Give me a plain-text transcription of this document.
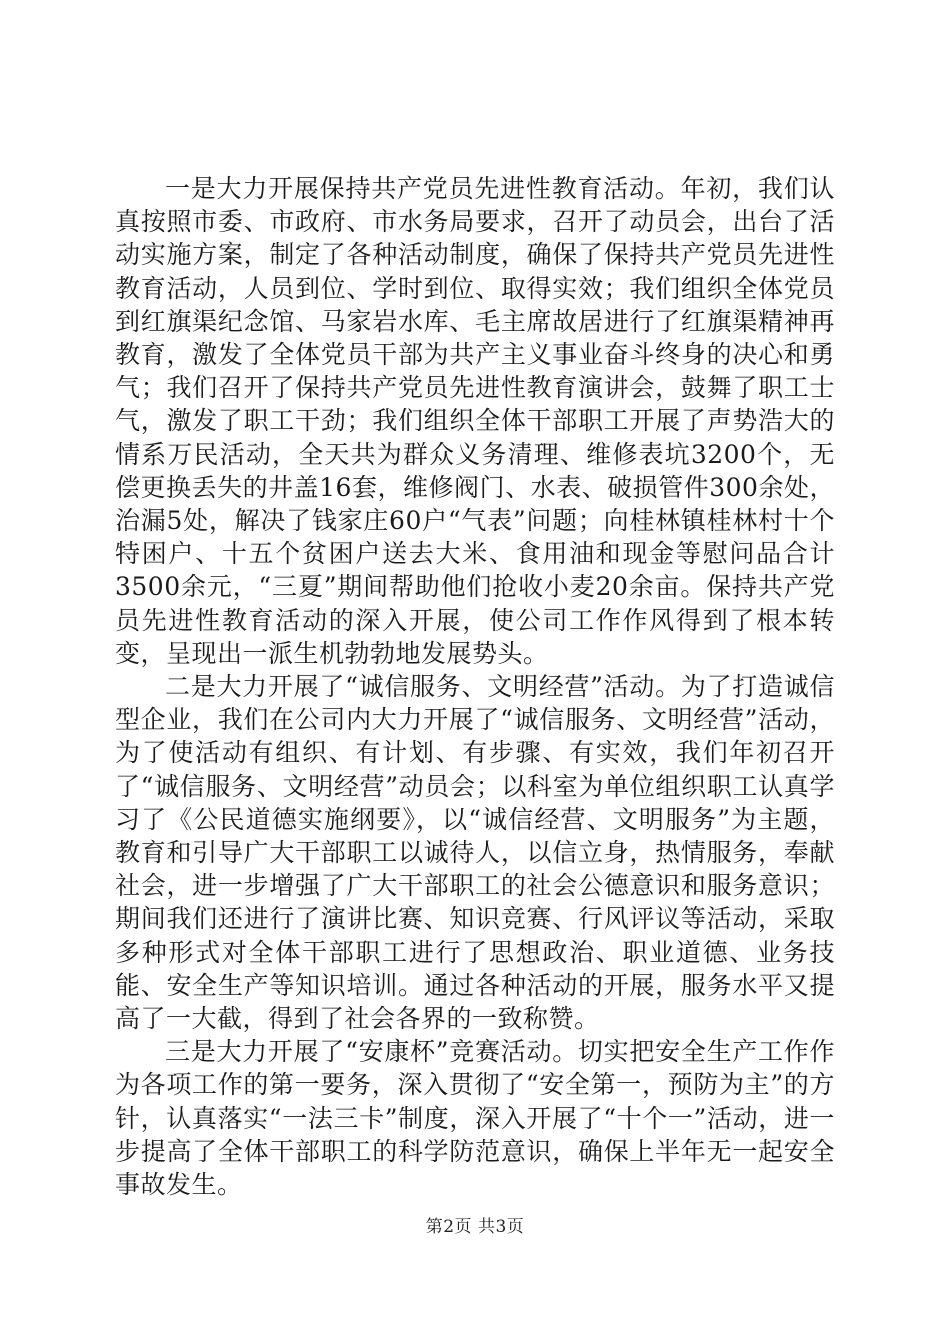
一是大力开展保持共产党员先进性教育活动。年初，我们认真按照市委、市政府、市水务局要求，召开了动员会，出台了活动实施方案，制定了各种活动制度，确保了保持共产党员先进性教育活动，人员到位、学时到位、取得实效；我们组织全体党员到红旗渠纪念馆、马家岩水库、毛主席故居进行了红旗渠精神再教育，激发了全体党员干部为共产主义事业奋斗终身的决心和勇气；我们召开了保持共产党员先进性教育演讲会，鼓舞了职工士气，激发了职工干劲；我们组织全体干部职工开展了声势浩大的情系万民活动，全天共为群众义务清理、维修表坑3200个，无偿更换丢失的井盖16套，维修阀门、水表、破损管件300余处，治漏5处，解决了钱家庄60户“气表”问题；向桂林镇桂林村十个特困户、十五个贫困户送去大米、食用油和现金等慰问品合计3500余元，“三夏”期间帮助他们抢收小麦20余亩。保持共产党员先进性教育活动的深入开展，使公司工作作风得到了根本转变，呈现出一派生机勃勃地发展势头。

二是大力开展了“诚信服务、文明经营”活动。为了打造诚信型企业，我们在公司内大力开展了“诚信服务、文明经营”活动，为了使活动有组织、有计划、有步骤、有实效，我们年初召开了“诚信服务、文明经营”动员会；以科室为单位组织职工认真学习了《公民道德实施纲要》，以“诚信经营、文明服务”为主题，教育和引导广大干部职工以诚待人，以信立身，热情服务，奉献社会，进一步增强了广大干部职工的社会公德意识和服务意识；期间我们还进行了演讲比赛、知识竞赛、行风评议等活动，采取多种形式对全体干部职工进行了思想政治、职业道德、业务技能、安全生产等知识培训。通过各种活动的开展，服务水平又提高了一大截，得到了社会各界的一致称赞。

三是大力开展了“安康杯”竞赛活动。切实把安全生产工作作为各项工作的第一要务，深入贯彻了“安全第一，预防为主”的方针，认真落实“一法三卡”制度，深入开展了“十个一”活动，进一步提高了全体干部职工的科学防范意识，确保上半年无一起安全事故发生。

第2页 共3页
